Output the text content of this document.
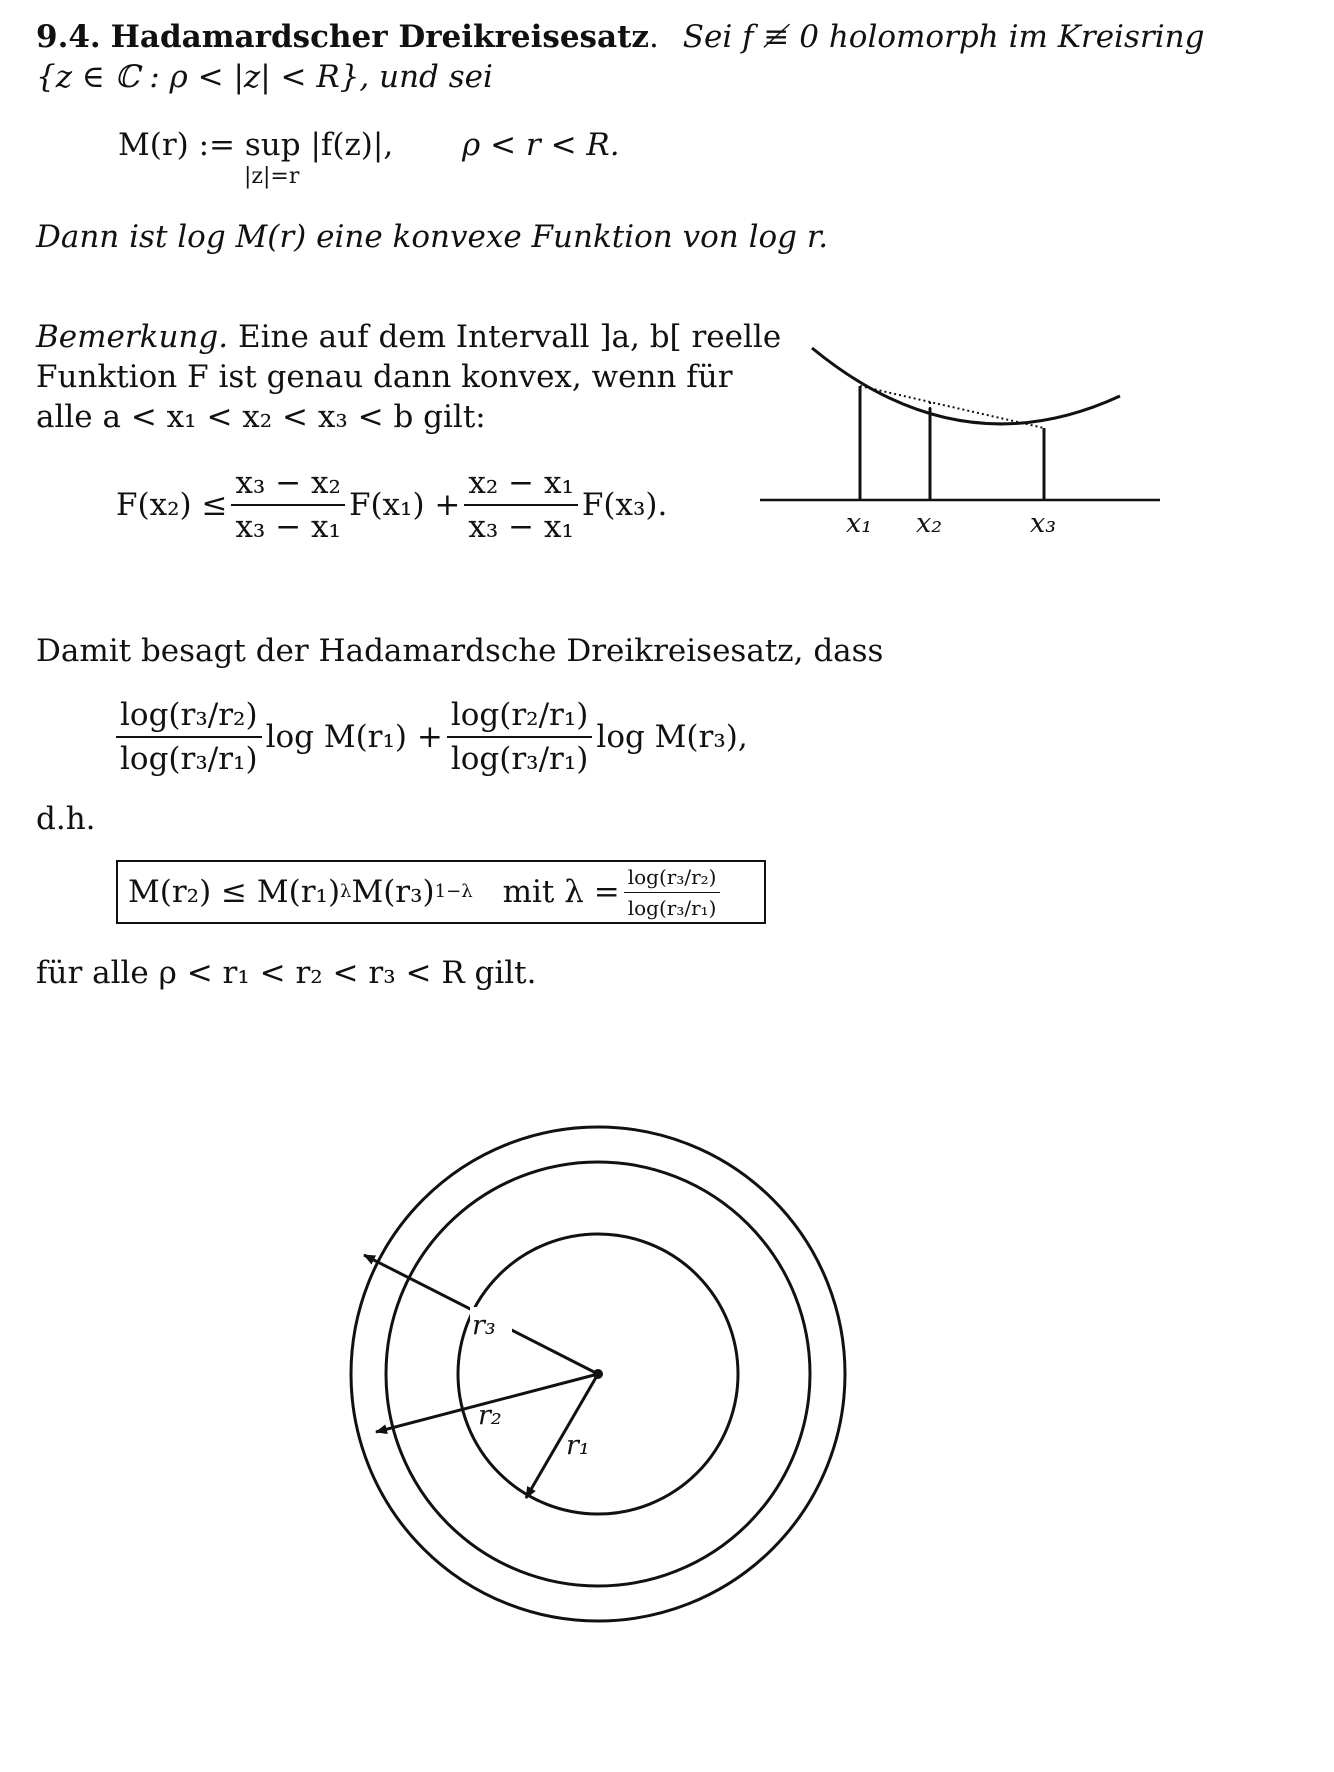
9.4. Hadamardscher Dreikreisesatz. Sei f ≢ 0 holomorph im Kreisring
{z ∈ ℂ : ρ < |z| < R}, und sei
M(r) := sup |f(z)|,
|z|=r
ρ < r < R.
Dann ist log M(r) eine konvexe Funktion von log r.
Bemerkung. Eine auf dem Intervall ]a, b[ reelle
Funktion F ist genau dann konvex, wenn für
alle a < x₁ < x₂ < x₃ < b gilt:
$F(x_2) \le \frac{\text{x₃ − x₂}}{\text{x₃ − x₁}} F(x_1) + \frac{\text{x₂ − x₁}}{\text{x₃ − x₁}} F(x_3)$.
x₁ x₂	x₃
Damit besagt der Hadamardsche Dreikreisesatz, dass
$\frac{\text{log(r₃/r₂)}}{\text{log(r₃/r₁)}}$ $\log M(r_1) + \frac{\text{log(r₂/r₁)}}{\text{log(r₃/r₁)}}$ log M(r₃),
d.h.
M(r₂) ≤ M(r₁) λ M(r₃) 1−λ mit $\lambda = \frac{\text{log(r₃/r₂)}}{\text{log(r₃/r₁)}}$
für alle ρ < r₁ < r₂ < r₃ < R gilt.
r₃
r₂
r₁
